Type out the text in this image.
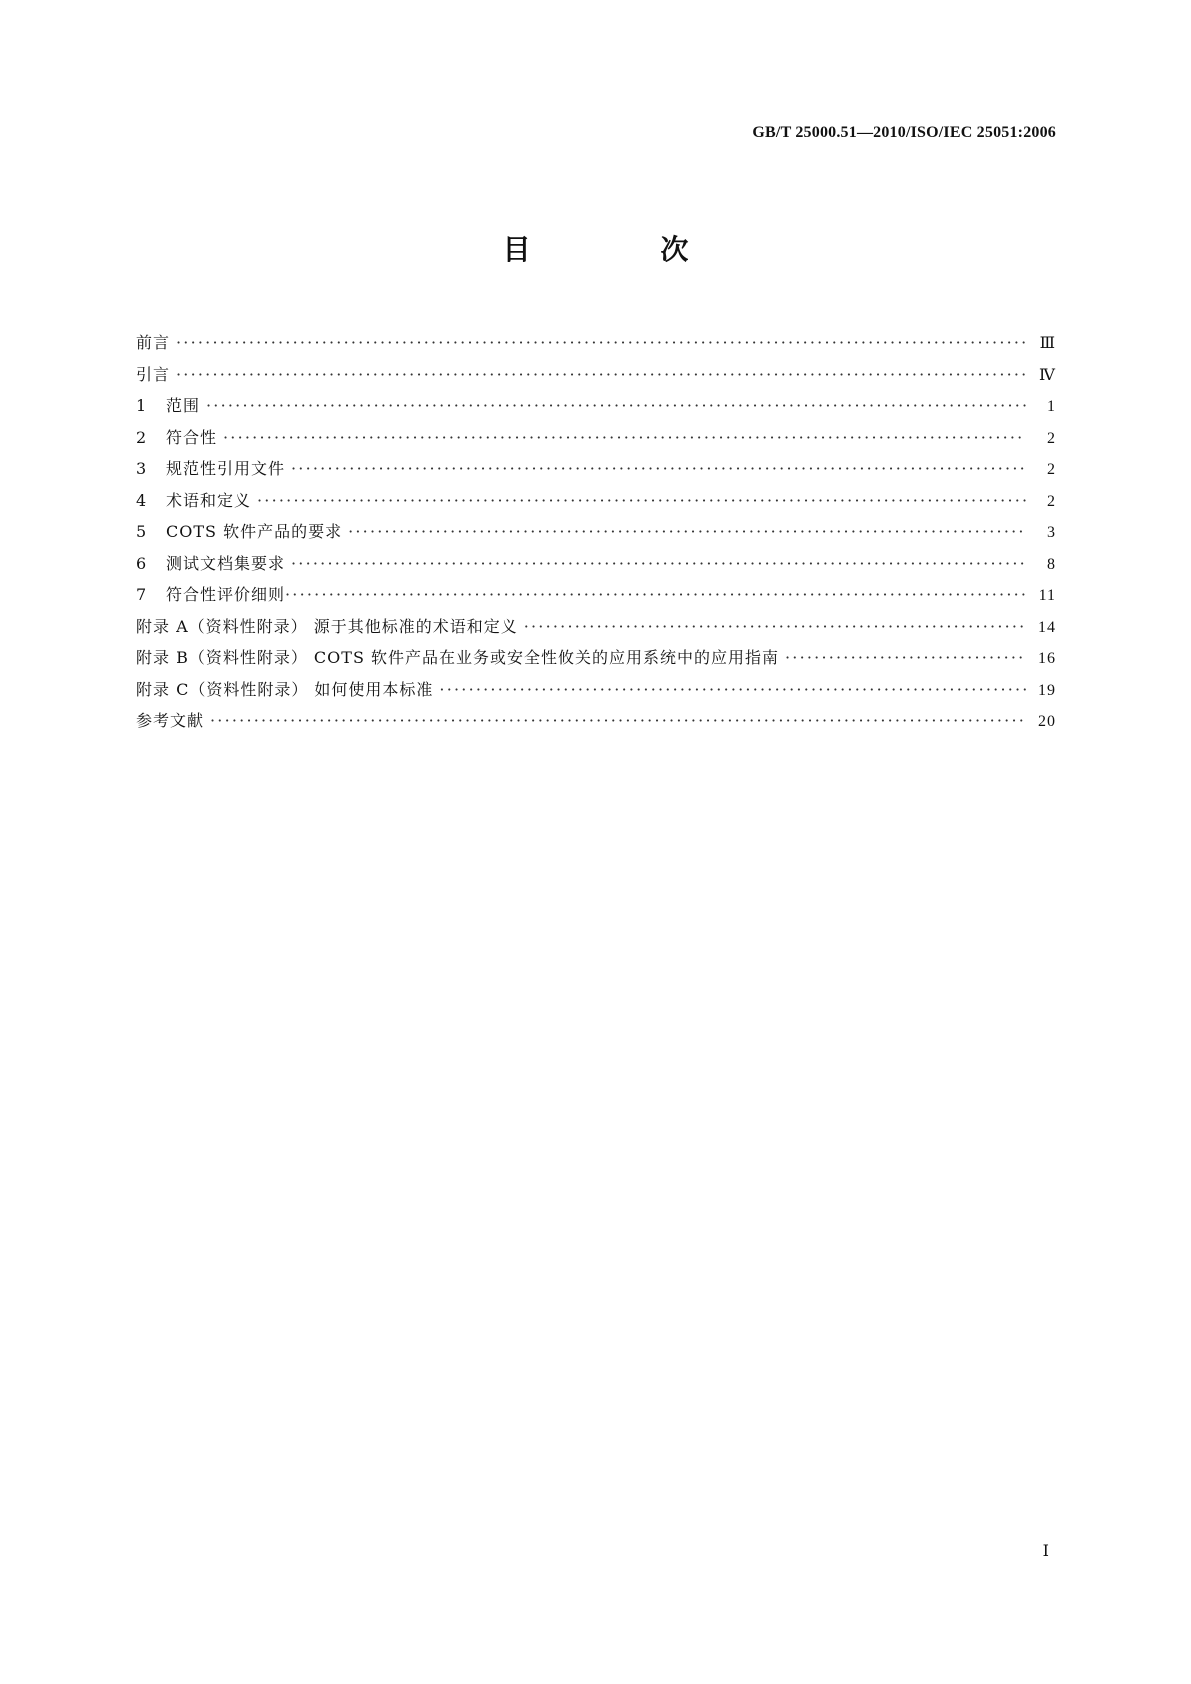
GB/T 25000.51—2010/ISO/IEC 25051:2006
目 次
前言 ·····	Ⅲ
引言 ·····	Ⅳ
1 范围 ·····	1
2 符合性 ·····	2
3 规范性引用文件 ·····	2
4 术语和定义 ·····	2
5 COTS 软件产品的要求 ·····	3
6 测试文档集要求 ·····	8
7 符合性评价细则 ·····	11
附录 A（资料性附录） 源于其他标准的术语和定义 ·····	14
附录 B（资料性附录） COTS 软件产品在业务或安全性攸关的应用系统中的应用指南 ·····	16
附录 C（资料性附录） 如何使用本标准 ·····	19
参考文献 ·····	20
Ⅰ
